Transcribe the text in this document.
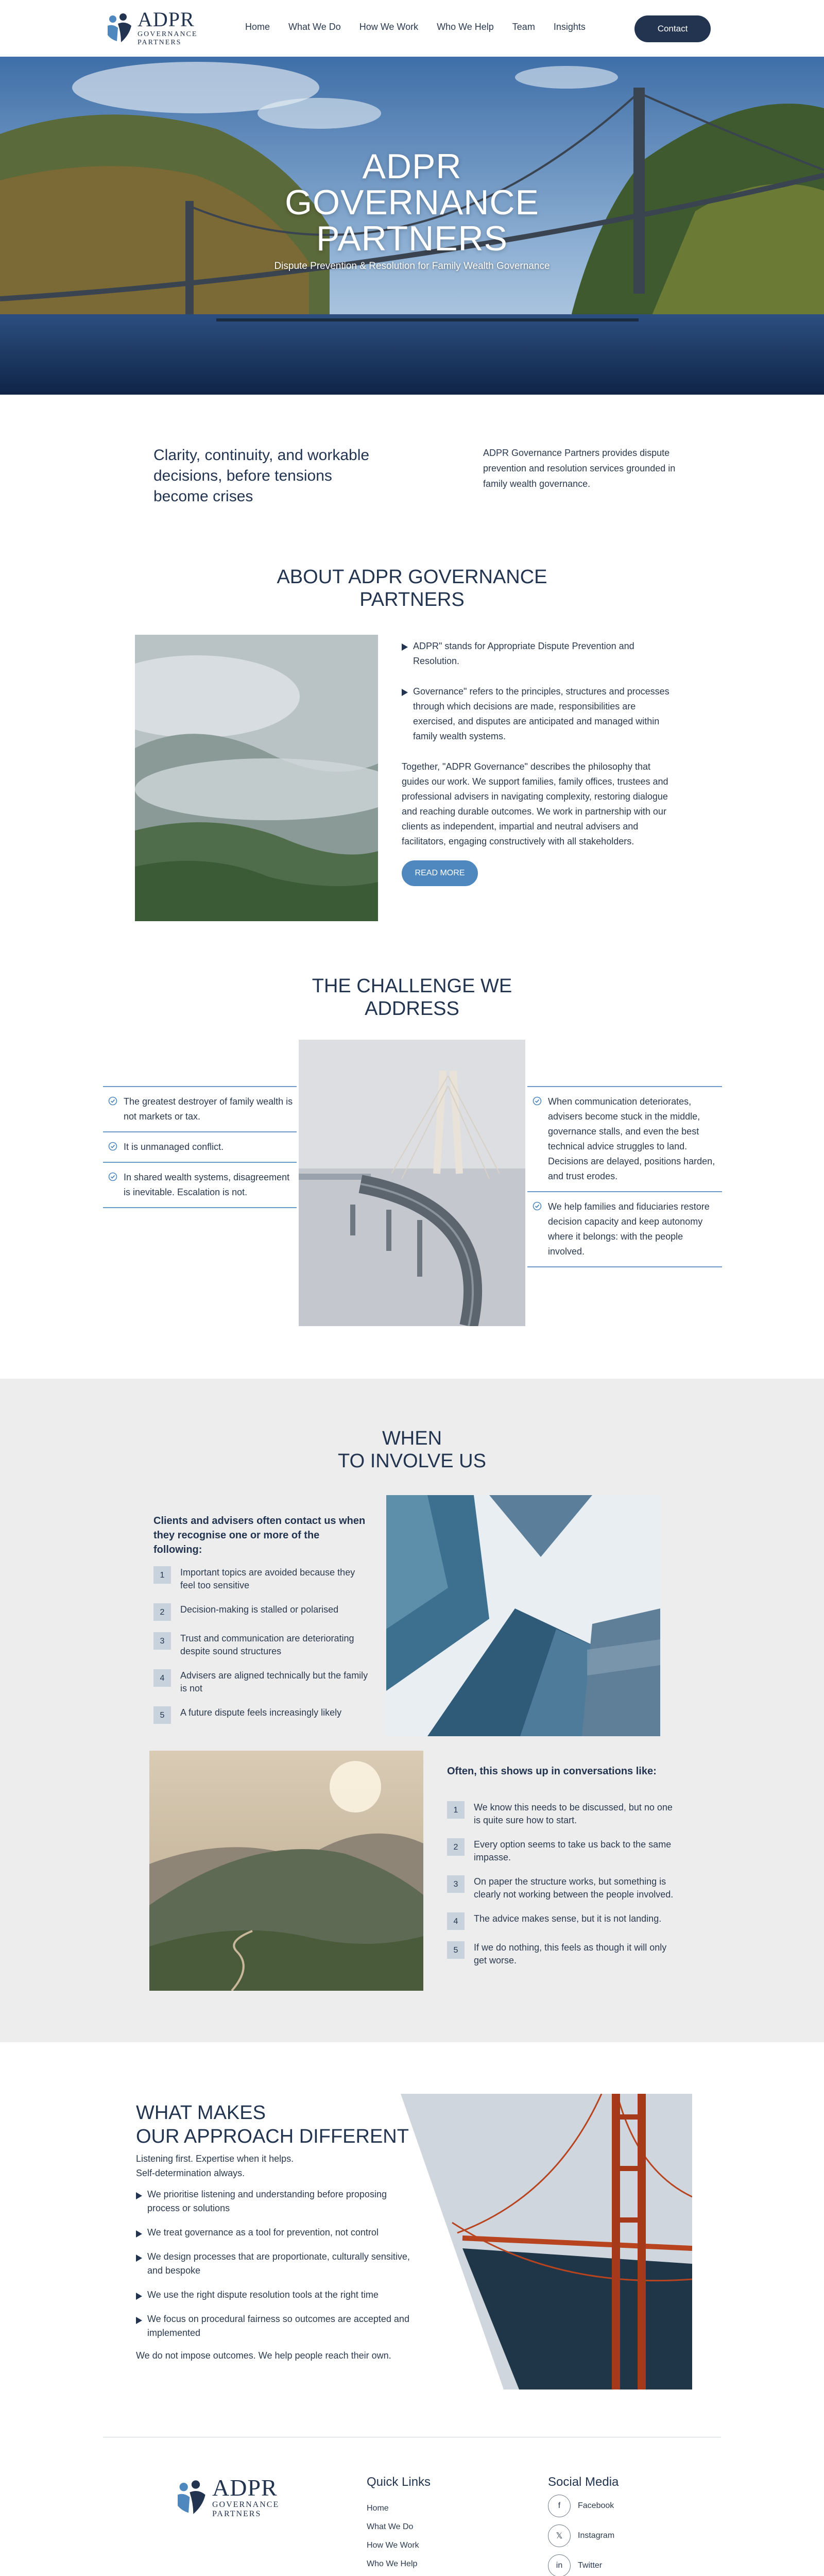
ADPR
GOVERNANCE
PARTNERS
Home What We Do How We Work Who We Help Team Insights	Contact
ADPR
GOVERNANCE
PARTNERS
Dispute Prevention & Resolution for Family Wealth Governance
Clarity, continuity, and workable decisions, before tensions become crises
ADPR Governance Partners provides dispute prevention and resolution services grounded in family wealth governance.
ABOUT ADPR GOVERNANCE
PARTNERS
ADPR" stands for Appropriate Dispute Prevention and Resolution.
Governance" refers to the principles, structures and processes through which decisions are made, responsibilities are exercised, and disputes are anticipated and managed within family wealth systems.
Together, "ADPR Governance" describes the philosophy that guides our work. We support families, family offices, trustees and professional advisers in navigating complexity, restoring dialogue and reaching durable outcomes. We work in partnership with our clients as independent, impartial and neutral advisers and facilitators, engaging constructively with all stakeholders.
READ MORE
THE CHALLENGE WE
ADDRESS
The greatest destroyer of family wealth is not markets or tax.
It is unmanaged conflict.
In shared wealth systems, disagreement is inevitable. Escalation is not.
When communication deteriorates, advisers become stuck in the middle, governance stalls, and even the best technical advice struggles to land. Decisions are delayed, positions harden, and trust erodes.
We help families and fiduciaries restore decision capacity and keep autonomy where it belongs: with the people involved.
WHEN
TO INVOLVE US
Clients and advisers often contact us when they recognise one or more of the following:
1	Important topics are avoided because they feel too sensitive
2	Decision-making is stalled or polarised
3	Trust and communication are deteriorating despite sound structures
4	Advisers are aligned technically but the family is not
5	A future dispute feels increasingly likely
Often, this shows up in conversations like:
1	We know this needs to be discussed, but no one is quite sure how to start.
2	Every option seems to take us back to the same impasse.
3	On paper the structure works, but something is clearly not working between the people involved.
4	The advice makes sense, but it is not landing.
5	If we do nothing, this feels as though it will only get worse.
WHAT MAKES
OUR APPROACH DIFFERENT
Listening first. Expertise when it helps.
Self-determination always.
We prioritise listening and understanding before proposing process or solutions
We treat governance as a tool for prevention, not control
We design processes that are proportionate, culturally sensitive, and bespoke
We use the right dispute resolution tools at the right time
We focus on procedural fairness so outcomes are accepted and implemented
We do not impose outcomes. We help people reach their own.
ADPR
GOVERNANCE
PARTNERS
Quick Links
Home
What We Do
How We Work
Who We Help
Social Media
f	Facebook
𝕏	Instagram
in	Twitter
